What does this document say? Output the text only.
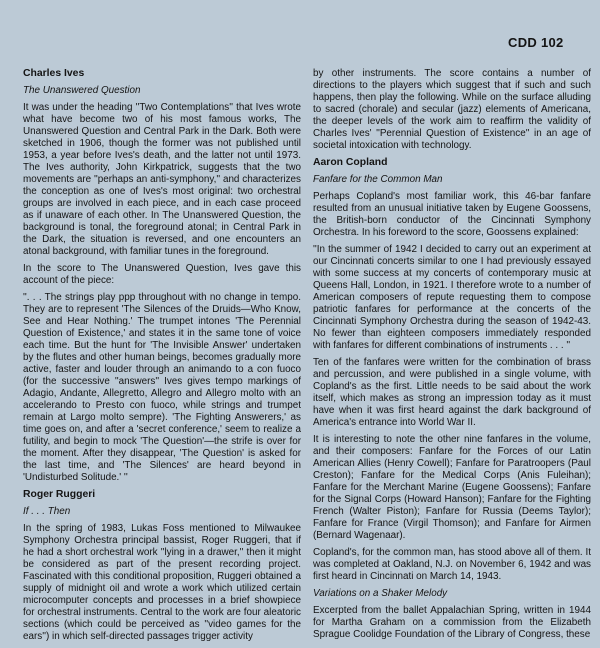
CDD 102

Charles Ives

The Unanswered Question

It was under the heading ''Two Contemplations'' that Ives wrote what have become two of his most famous works, The Unanswered Question and Central Park in the Dark. Both were sketched in 1906, though the former was not published until 1953, a year before Ives's death, and the latter not until 1973. The Ives authority, John Kirkpatrick, suggests that the two movements are ''perhaps an anti-symphony,'' and characterizes the conception as one of Ives's most original: two orchestral groups are involved in each piece, and in each case proceed as if unaware of each other. In The Unanswered Question, the background is tonal, the foreground atonal; in Central Park in the Dark, the situation is reversed, and one encounters an atonal background, with familiar tunes in the foreground.

In the score to The Unanswered Question, Ives gave this account of the piece:

''. . . The strings play ppp throughout with no change in tempo. They are to represent 'The Silences of the Druids—Who Know, See and Hear Nothing.' The trumpet intones 'The Perennial Question of Existence,' and states it in the same tone of voice each time. But the hunt for 'The Invisible Answer' undertaken by the flutes and other human beings, becomes gradually more active, faster and louder through an animando to a con fuoco (for the successive ''answers'' Ives gives tempo markings of Adagio, Andante, Allegretto, Allegro and Allegro molto with an accelerando to Presto con fuoco, while strings and trumpet remain at Largo molto sempre). 'The Fighting Answerers,' as time goes on, and after a 'secret conference,' seem to realize a futility, and begin to mock 'The Question'—the strife is over for the moment. After they disappear, 'The Question' is asked for the last time, and 'The Silences' are heard beyond in 'Undisturbed Solitude.' ''

Roger Ruggeri

If . . . Then

In the spring of 1983, Lukas Foss mentioned to Milwaukee Symphony Orchestra principal bassist, Roger Ruggeri, that if he had a short orchestral work ''lying in a drawer,'' then it might be considered as part of the present recording project. Fascinated with this conditional proposition, Ruggeri obtained a supply of midnight oil and wrote a work which utilized certain microcomputer concepts and processes in a brief showpiece for orchestral instruments. Central to the work are four aleatoric sections (which could be perceived as ''video games for the ears'') in which self-directed passages trigger activity

by other instruments. The score contains a number of directions to the players which suggest that if such and such happens, then play the following. While on the surface alluding to sacred (chorale) and secular (jazz) elements of Americana, the deeper levels of the work aim to reaffirm the validity of Charles Ives' ''Perennial Question of Existence'' in an age of societal intoxication with technology.

Aaron Copland

Fanfare for the Common Man

Perhaps Copland's most familiar work, this 46-bar fanfare resulted from an unusual initiative taken by Eugene Goossens, the British-born conductor of the Cincinnati Symphony Orchestra. In his foreword to the score, Goossens explained:

''In the summer of 1942 I decided to carry out an experiment at our Cincinnati concerts similar to one I had previously essayed with some success at my concerts of contemporary music at Queens Hall, London, in 1921. I therefore wrote to a number of American composers of repute requesting them to compose patriotic fanfares for performance at the concerts of the Cincinnati Symphony Orchestra during the season of 1942-43. No fewer than eighteen composers immediately responded with fanfares for different combinations of instruments . . . ''

Ten of the fanfares were written for the combination of brass and percussion, and were published in a single volume, with Copland's as the first. Little needs to be said about the work itself, which makes as strong an impression today as it must have when it was first heard against the dark background of America's entrance into World War II.

It is interesting to note the other nine fanfares in the volume, and their composers: Fanfare for the Forces of our Latin American Allies (Henry Cowell); Fanfare for Paratroopers (Paul Creston); Fanfare for the Medical Corps (Anis Fuleihan); Fanfare for the Merchant Marine (Eugene Goossens); Fanfare for the Signal Corps (Howard Hanson); Fanfare for the Fighting French (Walter Piston); Fanfare for Russia (Deems Taylor); Fanfare for France (Virgil Thomson); and Fanfare for Airmen (Bernard Wagenaar).

Copland's, for the common man, has stood above all of them. It was completed at Oakland, N.J. on November 6, 1942 and was first heard in Cincinnati on March 14, 1943.

Variations on a Shaker Melody

Excerpted from the ballet Appalachian Spring, written in 1944 for Martha Graham on a commission from the Elizabeth Sprague Coolidge Foundation of the Library of Congress, these
